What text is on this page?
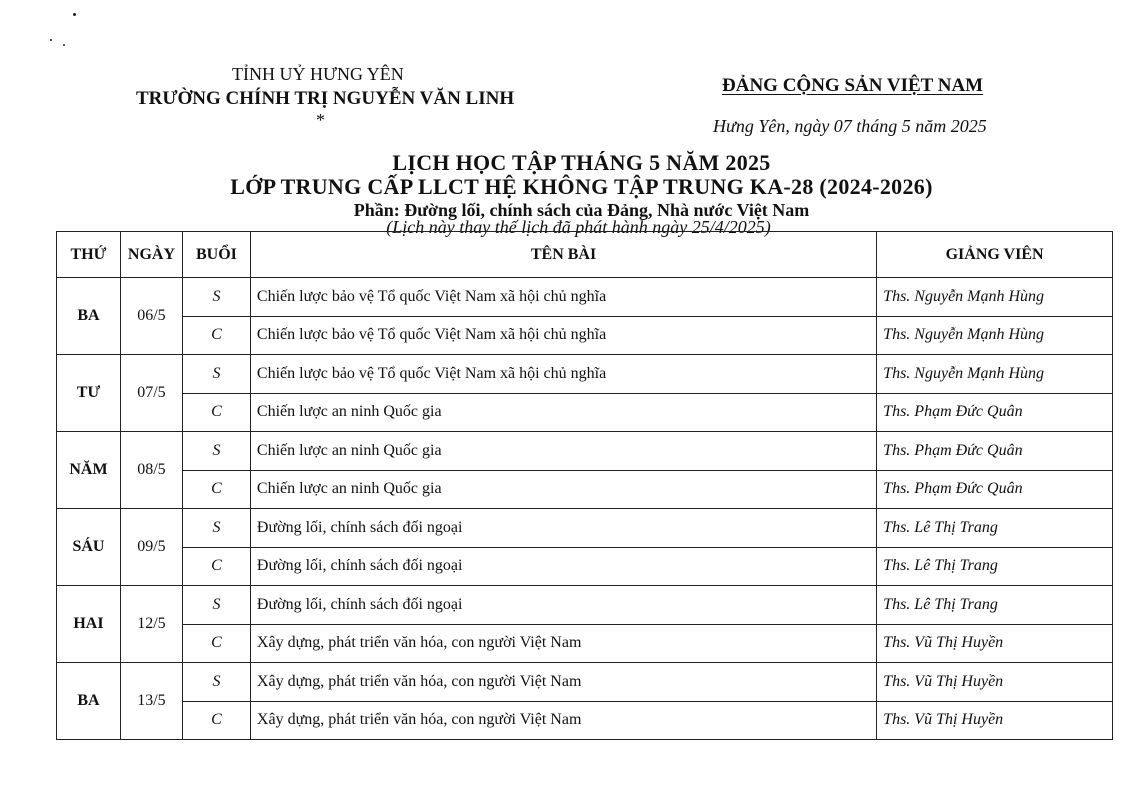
TỈNH UỶ HƯNG YÊN
TRƯỜNG CHÍNH TRỊ NGUYỄN VĂN LINH
*
ĐẢNG CỘNG SẢN VIỆT NAM
Hưng Yên, ngày 07 tháng 5 năm 2025
LỊCH HỌC TẬP THÁNG 5 NĂM 2025
LỚP TRUNG CẤP LLCT HỆ KHÔNG TẬP TRUNG KA-28 (2024-2026)
Phần: Đường lối, chính sách của Đảng, Nhà nước Việt Nam
(Lịch này thay thế lịch đã phát hành ngày 25/4/2025)
THỨ	NGÀY	BUỔI	TÊN BÀI	GIẢNG VIÊN
BA	06/5	S	Chiến lược bảo vệ Tổ quốc Việt Nam xã hội chủ nghĩa	Ths. Nguyễn Mạnh Hùng
		C	Chiến lược bảo vệ Tổ quốc Việt Nam xã hội chủ nghĩa	Ths. Nguyễn Mạnh Hùng
TƯ	07/5	S	Chiến lược bảo vệ Tổ quốc Việt Nam xã hội chủ nghĩa	Ths. Nguyễn Mạnh Hùng
		C	Chiến lược an ninh Quốc gia	Ths. Phạm Đức Quân
NĂM	08/5	S	Chiến lược an ninh Quốc gia	Ths. Phạm Đức Quân
		C	Chiến lược an ninh Quốc gia	Ths. Phạm Đức Quân
SÁU	09/5	S	Đường lối, chính sách đối ngoại	Ths. Lê Thị Trang
		C	Đường lối, chính sách đối ngoại	Ths. Lê Thị Trang
HAI	12/5	S	Đường lối, chính sách đối ngoại	Ths. Lê Thị Trang
		C	Xây dựng, phát triển văn hóa, con người Việt Nam	Ths. Vũ Thị Huyền
BA	13/5	S	Xây dựng, phát triển văn hóa, con người Việt Nam	Ths. Vũ Thị Huyền
		C	Xây dựng, phát triển văn hóa, con người Việt Nam	Ths. Vũ Thị Huyền
